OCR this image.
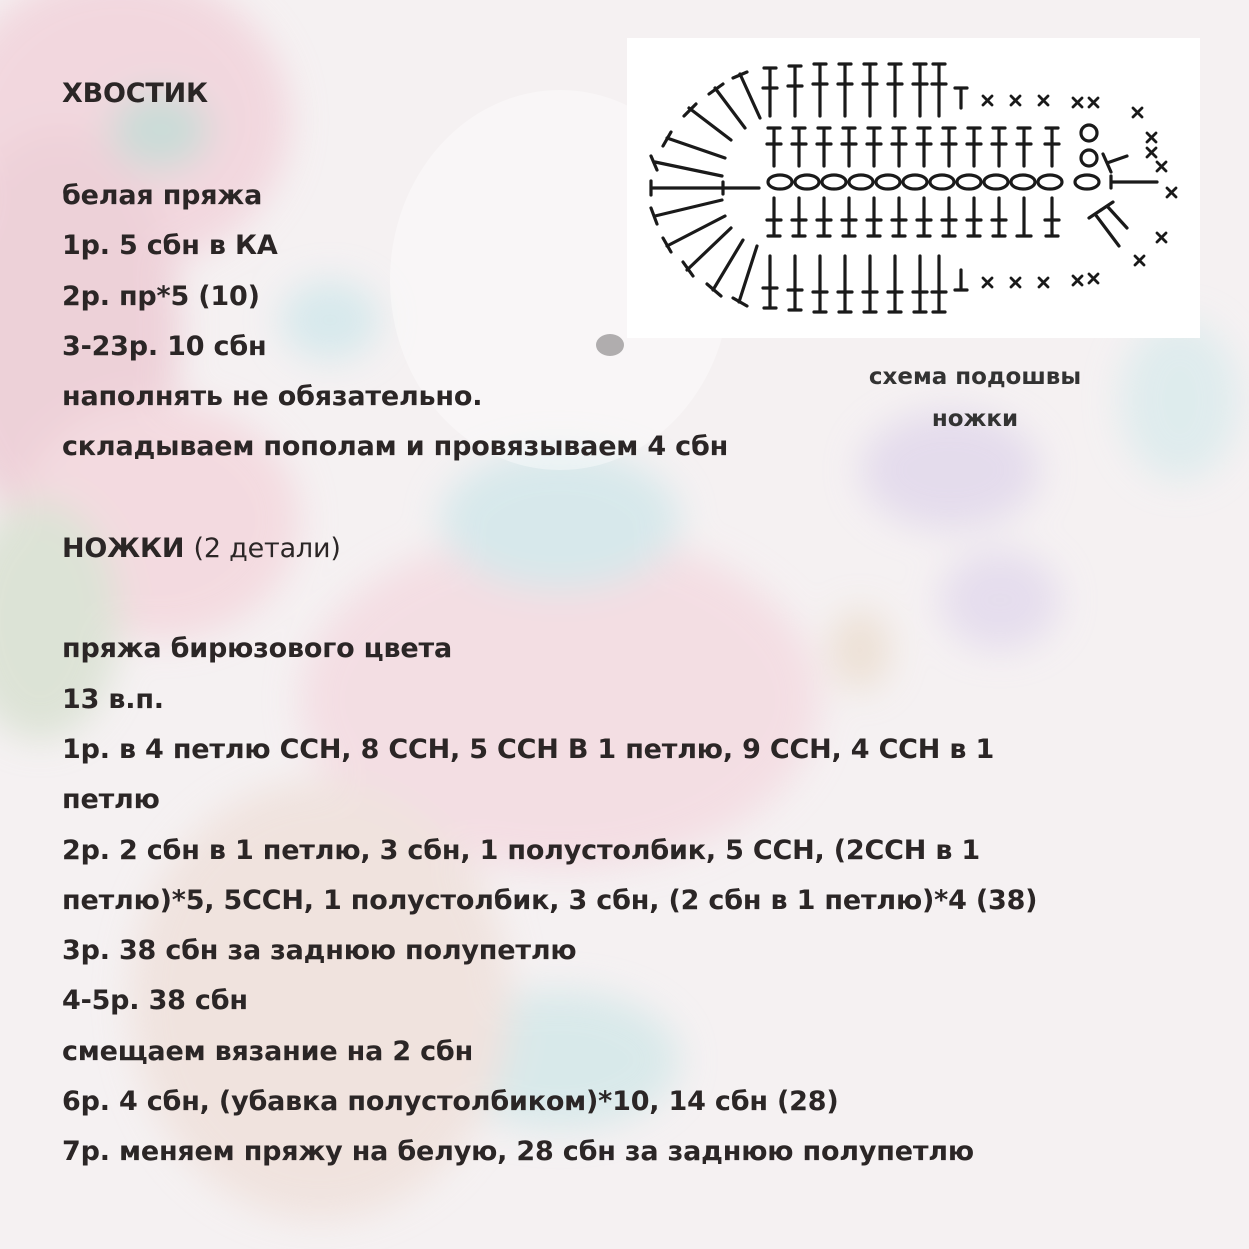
схема подошвы
ножки
ХВОСТИК
белая пряжа
1р. 5 сбн в КА
2р. пр*5 (10)
3-23р. 10 сбн
наполнять не обязательно.
складываем пополам и провязываем 4 сбн
НОЖКИ (2 детали)
пряжа бирюзового цвета
13 в.п.
1р. в 4 петлю ССН, 8 ССН, 5 ССН В 1 петлю, 9 ССН, 4 ССН в 1
петлю
2р. 2 сбн в 1 петлю, 3 сбн, 1 полустолбик, 5 ССН, (2ССН в 1
петлю)*5, 5ССН, 1 полустолбик, 3 сбн, (2 сбн в 1 петлю)*4 (38)
3р. 38 сбн за заднюю полупетлю
4-5р. 38 сбн
смещаем вязание на 2 сбн
6р. 4 сбн, (убавка полустолбиком)*10, 14 сбн (28)
7р. меняем пряжу на белую, 28 сбн за заднюю полупетлю
